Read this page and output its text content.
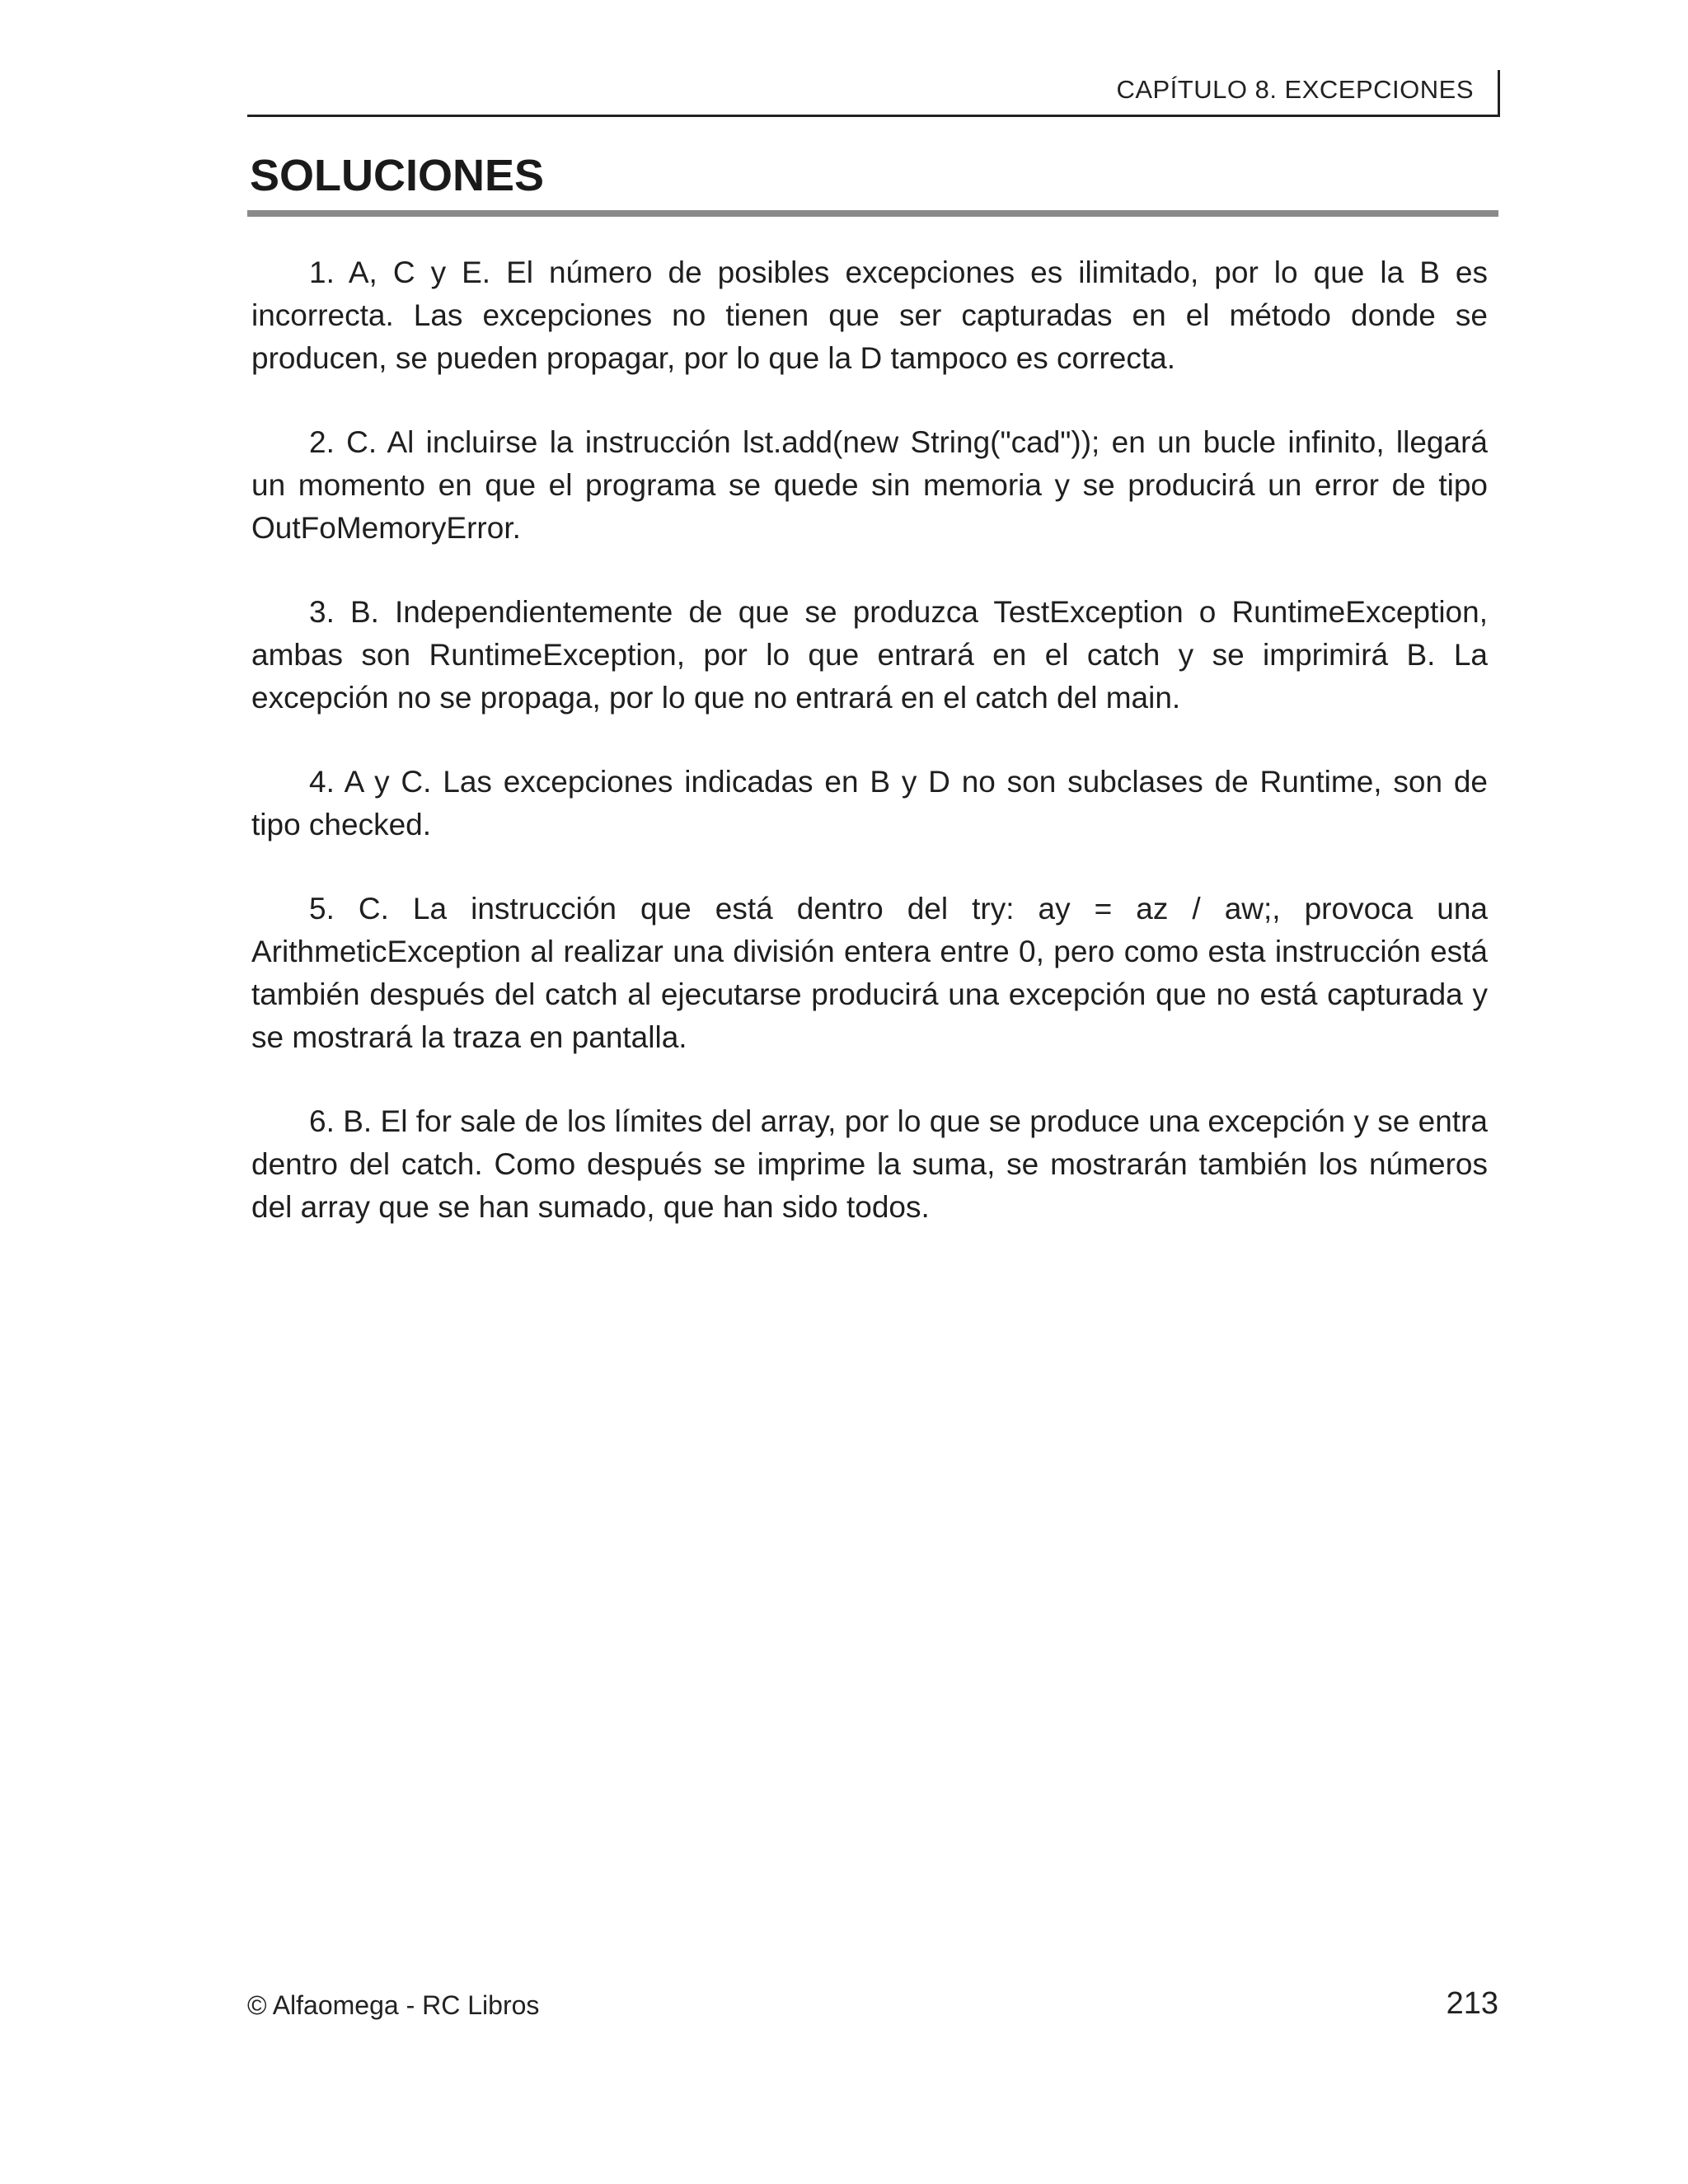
CAPÍTULO 8. EXCEPCIONES
SOLUCIONES
1. A, C y E. El número de posibles excepciones es ilimitado, por lo que la B es incorrecta. Las excepciones no tienen que ser capturadas en el método donde se producen, se pueden propagar, por lo que la D tampoco es correcta.
2. C. Al incluirse la instrucción lst.add(new String("cad")); en un bucle infinito, llegará un momento en que el programa se quede sin memoria y se producirá un error de tipo OutFoMemoryError.
3. B. Independientemente de que se produzca TestException o RuntimeException, ambas son RuntimeException, por lo que entrará en el catch y se imprimirá B. La excepción no se propaga, por lo que no entrará en el catch del main.
4. A y C. Las excepciones indicadas en B y D no son subclases de Runtime, son de tipo checked.
5. C. La instrucción que está dentro del try: ay = az / aw;, provoca una ArithmeticException al realizar una división entera entre 0, pero como esta instrucción está también después del catch al ejecutarse producirá una excepción que no está capturada y se mostrará la traza en pantalla.
6. B. El for sale de los límites del array, por lo que se produce una excepción y se entra dentro del catch. Como después se imprime la suma, se mostrarán también los números del array que se han sumado, que han sido todos.
© Alfaomega - RC Libros	213
